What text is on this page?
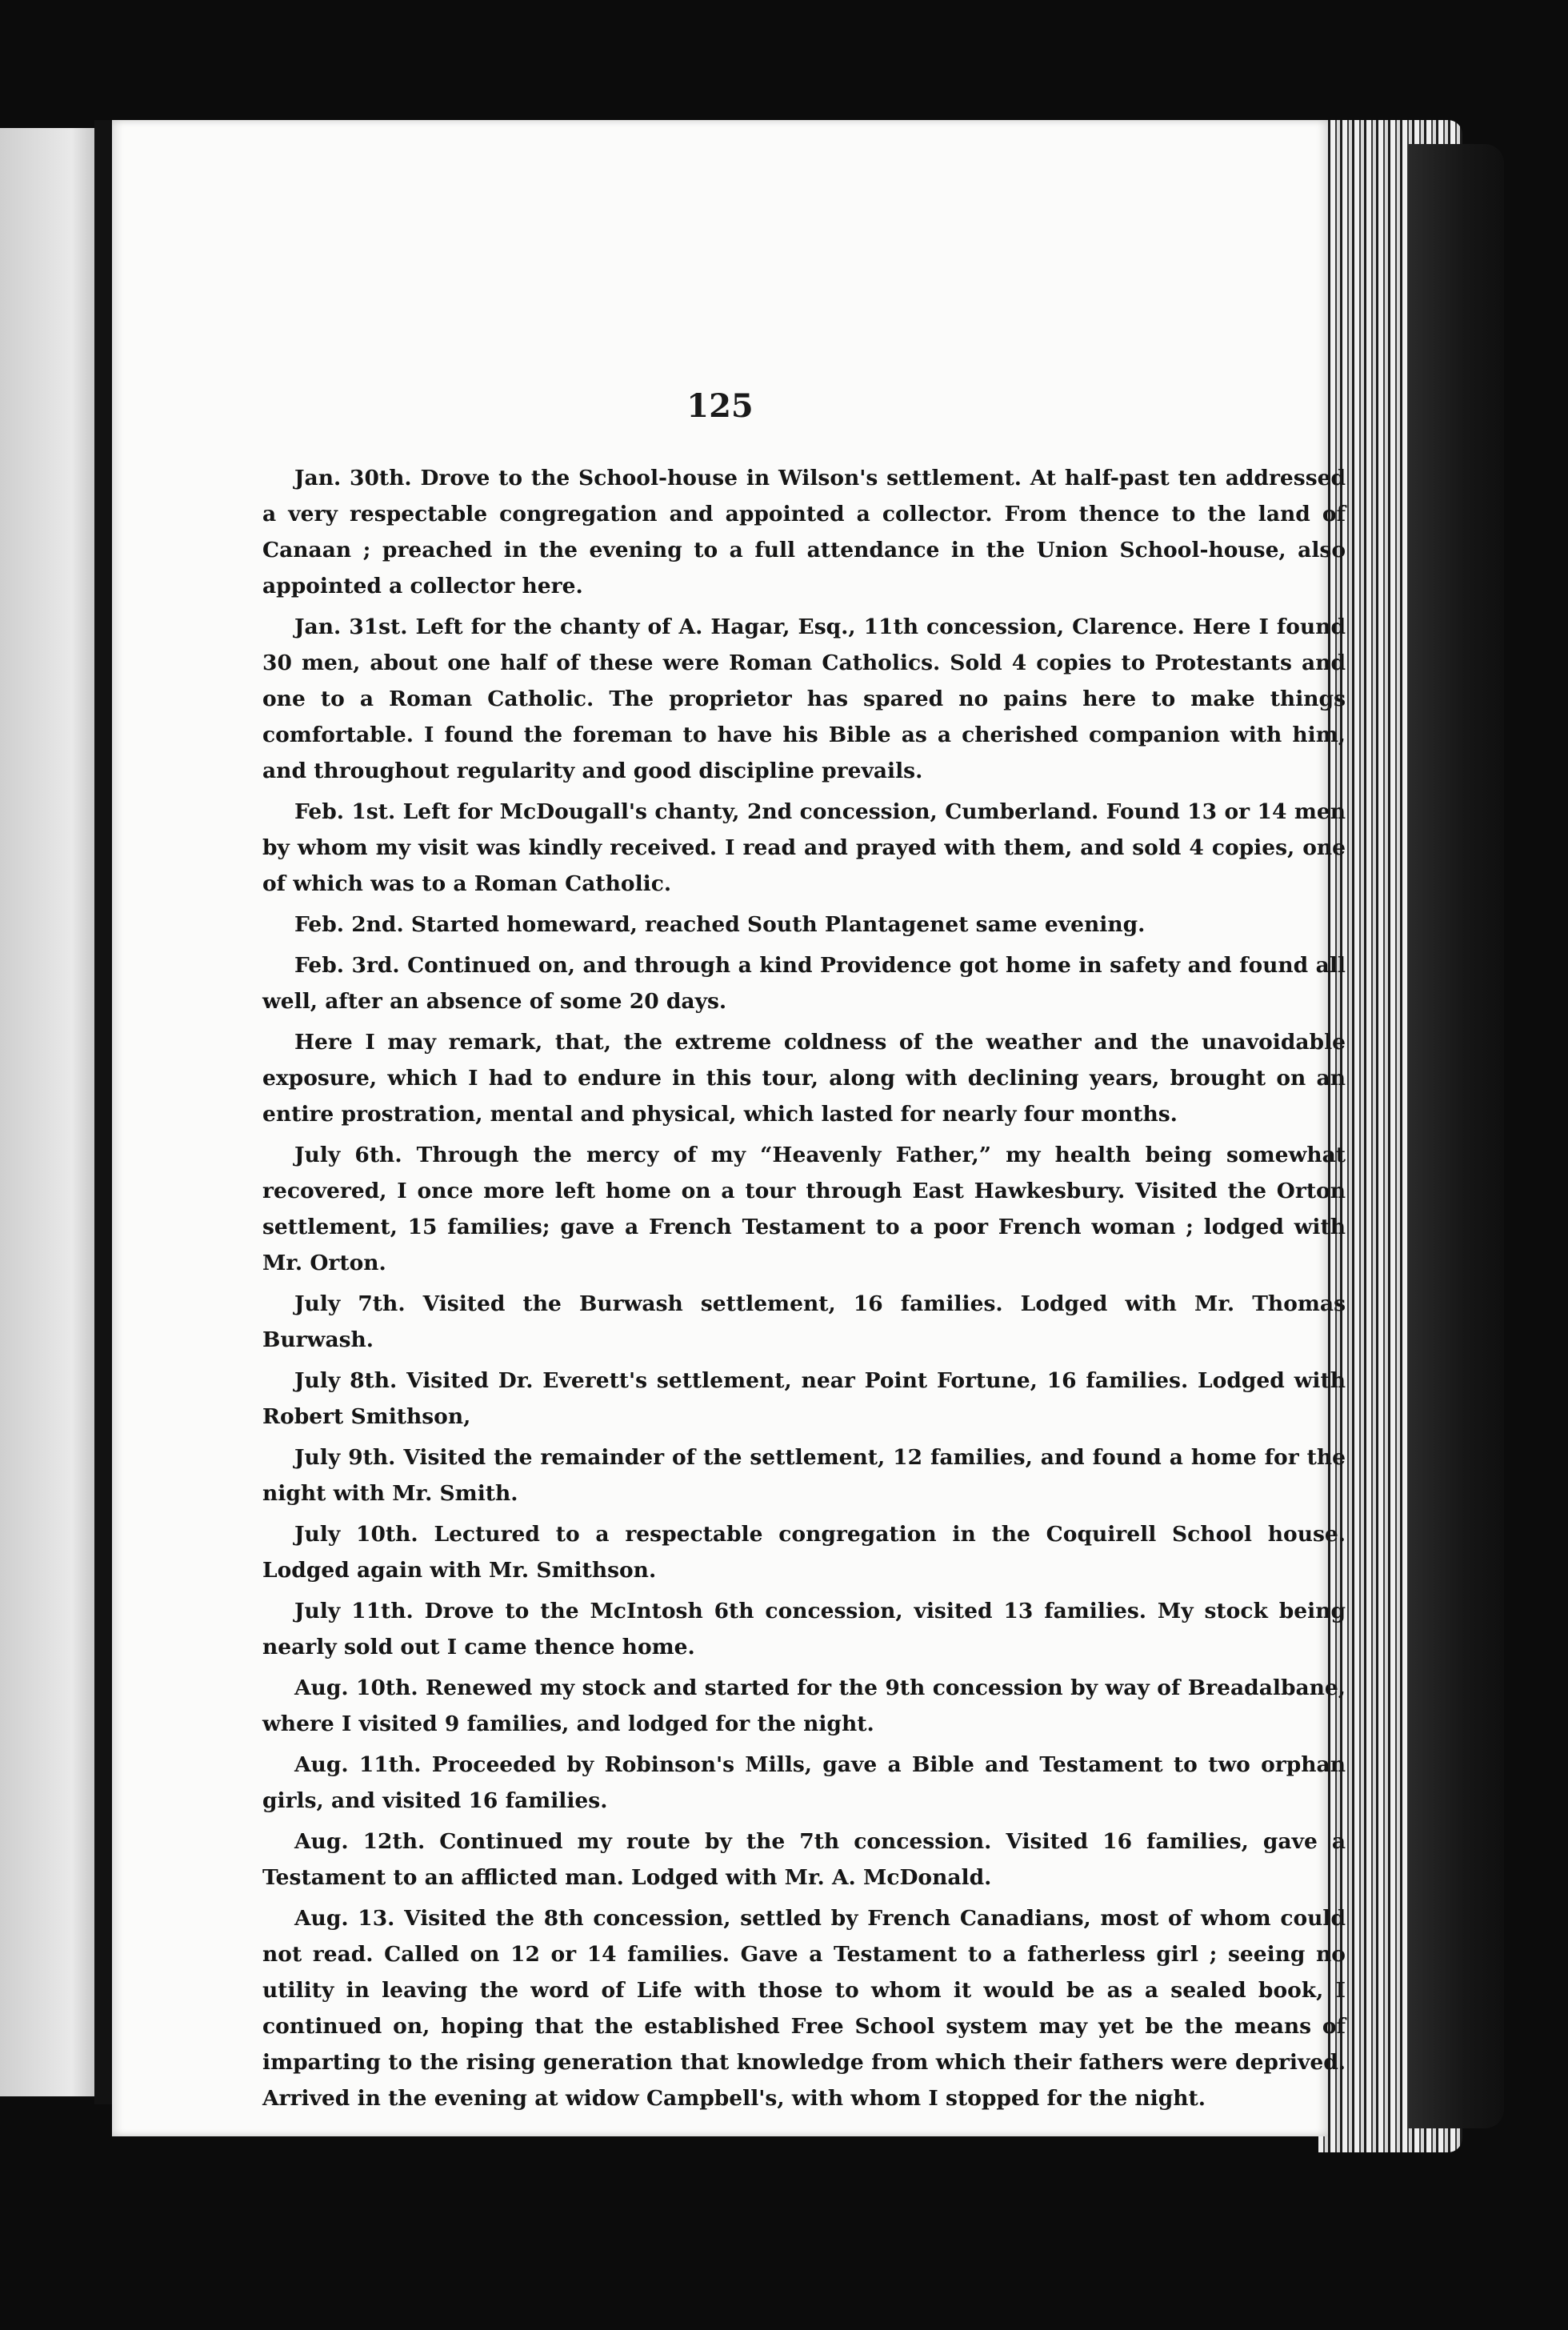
125

Jan. 30th. Drove to the School-house in Wilson's settlement. At half-past ten addressed a very respectable congregation and appointed a collector. From thence to the land of Canaan ; preached in the evening to a full attendance in the Union School-house, also appointed a collector here.

Jan. 31st. Left for the chanty of A. Hagar, Esq., 11th concession, Clarence. Here I found 30 men, about one half of these were Roman Catholics. Sold 4 copies to Protestants and one to a Roman Catholic. The proprietor has spared no pains here to make things comfortable. I found the foreman to have his Bible as a cherished companion with him, and throughout regularity and good discipline prevails.

Feb. 1st. Left for McDougall's chanty, 2nd concession, Cumberland. Found 13 or 14 men by whom my visit was kindly received. I read and prayed with them, and sold 4 copies, one of which was to a Roman Catholic.

Feb. 2nd. Started homeward, reached South Plantagenet same evening.

Feb. 3rd. Continued on, and through a kind Providence got home in safety and found all well, after an absence of some 20 days.

Here I may remark, that, the extreme coldness of the weather and the unavoidable exposure, which I had to endure in this tour, along with declining years, brought on an entire prostration, mental and physical, which lasted for nearly four months.

July 6th. Through the mercy of my “Heavenly Father,” my health being somewhat recovered, I once more left home on a tour through East Hawkesbury. Visited the Orton settlement, 15 families; gave a French Testament to a poor French woman ; lodged with Mr. Orton.

July 7th. Visited the Burwash settlement, 16 families. Lodged with Mr. Thomas Burwash.

July 8th. Visited Dr. Everett's settlement, near Point Fortune, 16 families. Lodged with Robert Smithson,

July 9th. Visited the remainder of the settlement, 12 families, and found a home for the night with Mr. Smith.

July 10th. Lectured to a respectable congregation in the Coquirell School house. Lodged again with Mr. Smithson.

July 11th. Drove to the McIntosh 6th concession, visited 13 families. My stock being nearly sold out I came thence home.

Aug. 10th. Renewed my stock and started for the 9th concession by way of Breadalbane, where I visited 9 families, and lodged for the night.

Aug. 11th. Proceeded by Robinson's Mills, gave a Bible and Testament to two orphan girls, and visited 16 families.

Aug. 12th. Continued my route by the 7th concession. Visited 16 families, gave a Testament to an afflicted man. Lodged with Mr. A. McDonald.

Aug. 13. Visited the 8th concession, settled by French Canadians, most of whom could not read. Called on 12 or 14 families. Gave a Testament to a fatherless girl ; seeing no utility in leaving the word of Life with those to whom it would be as a sealed book, I continued on, hoping that the established Free School system may yet be the means of imparting to the rising generation that knowledge from which their fathers were deprived. Arrived in the evening at widow Campbell's, with whom I stopped for the night.
